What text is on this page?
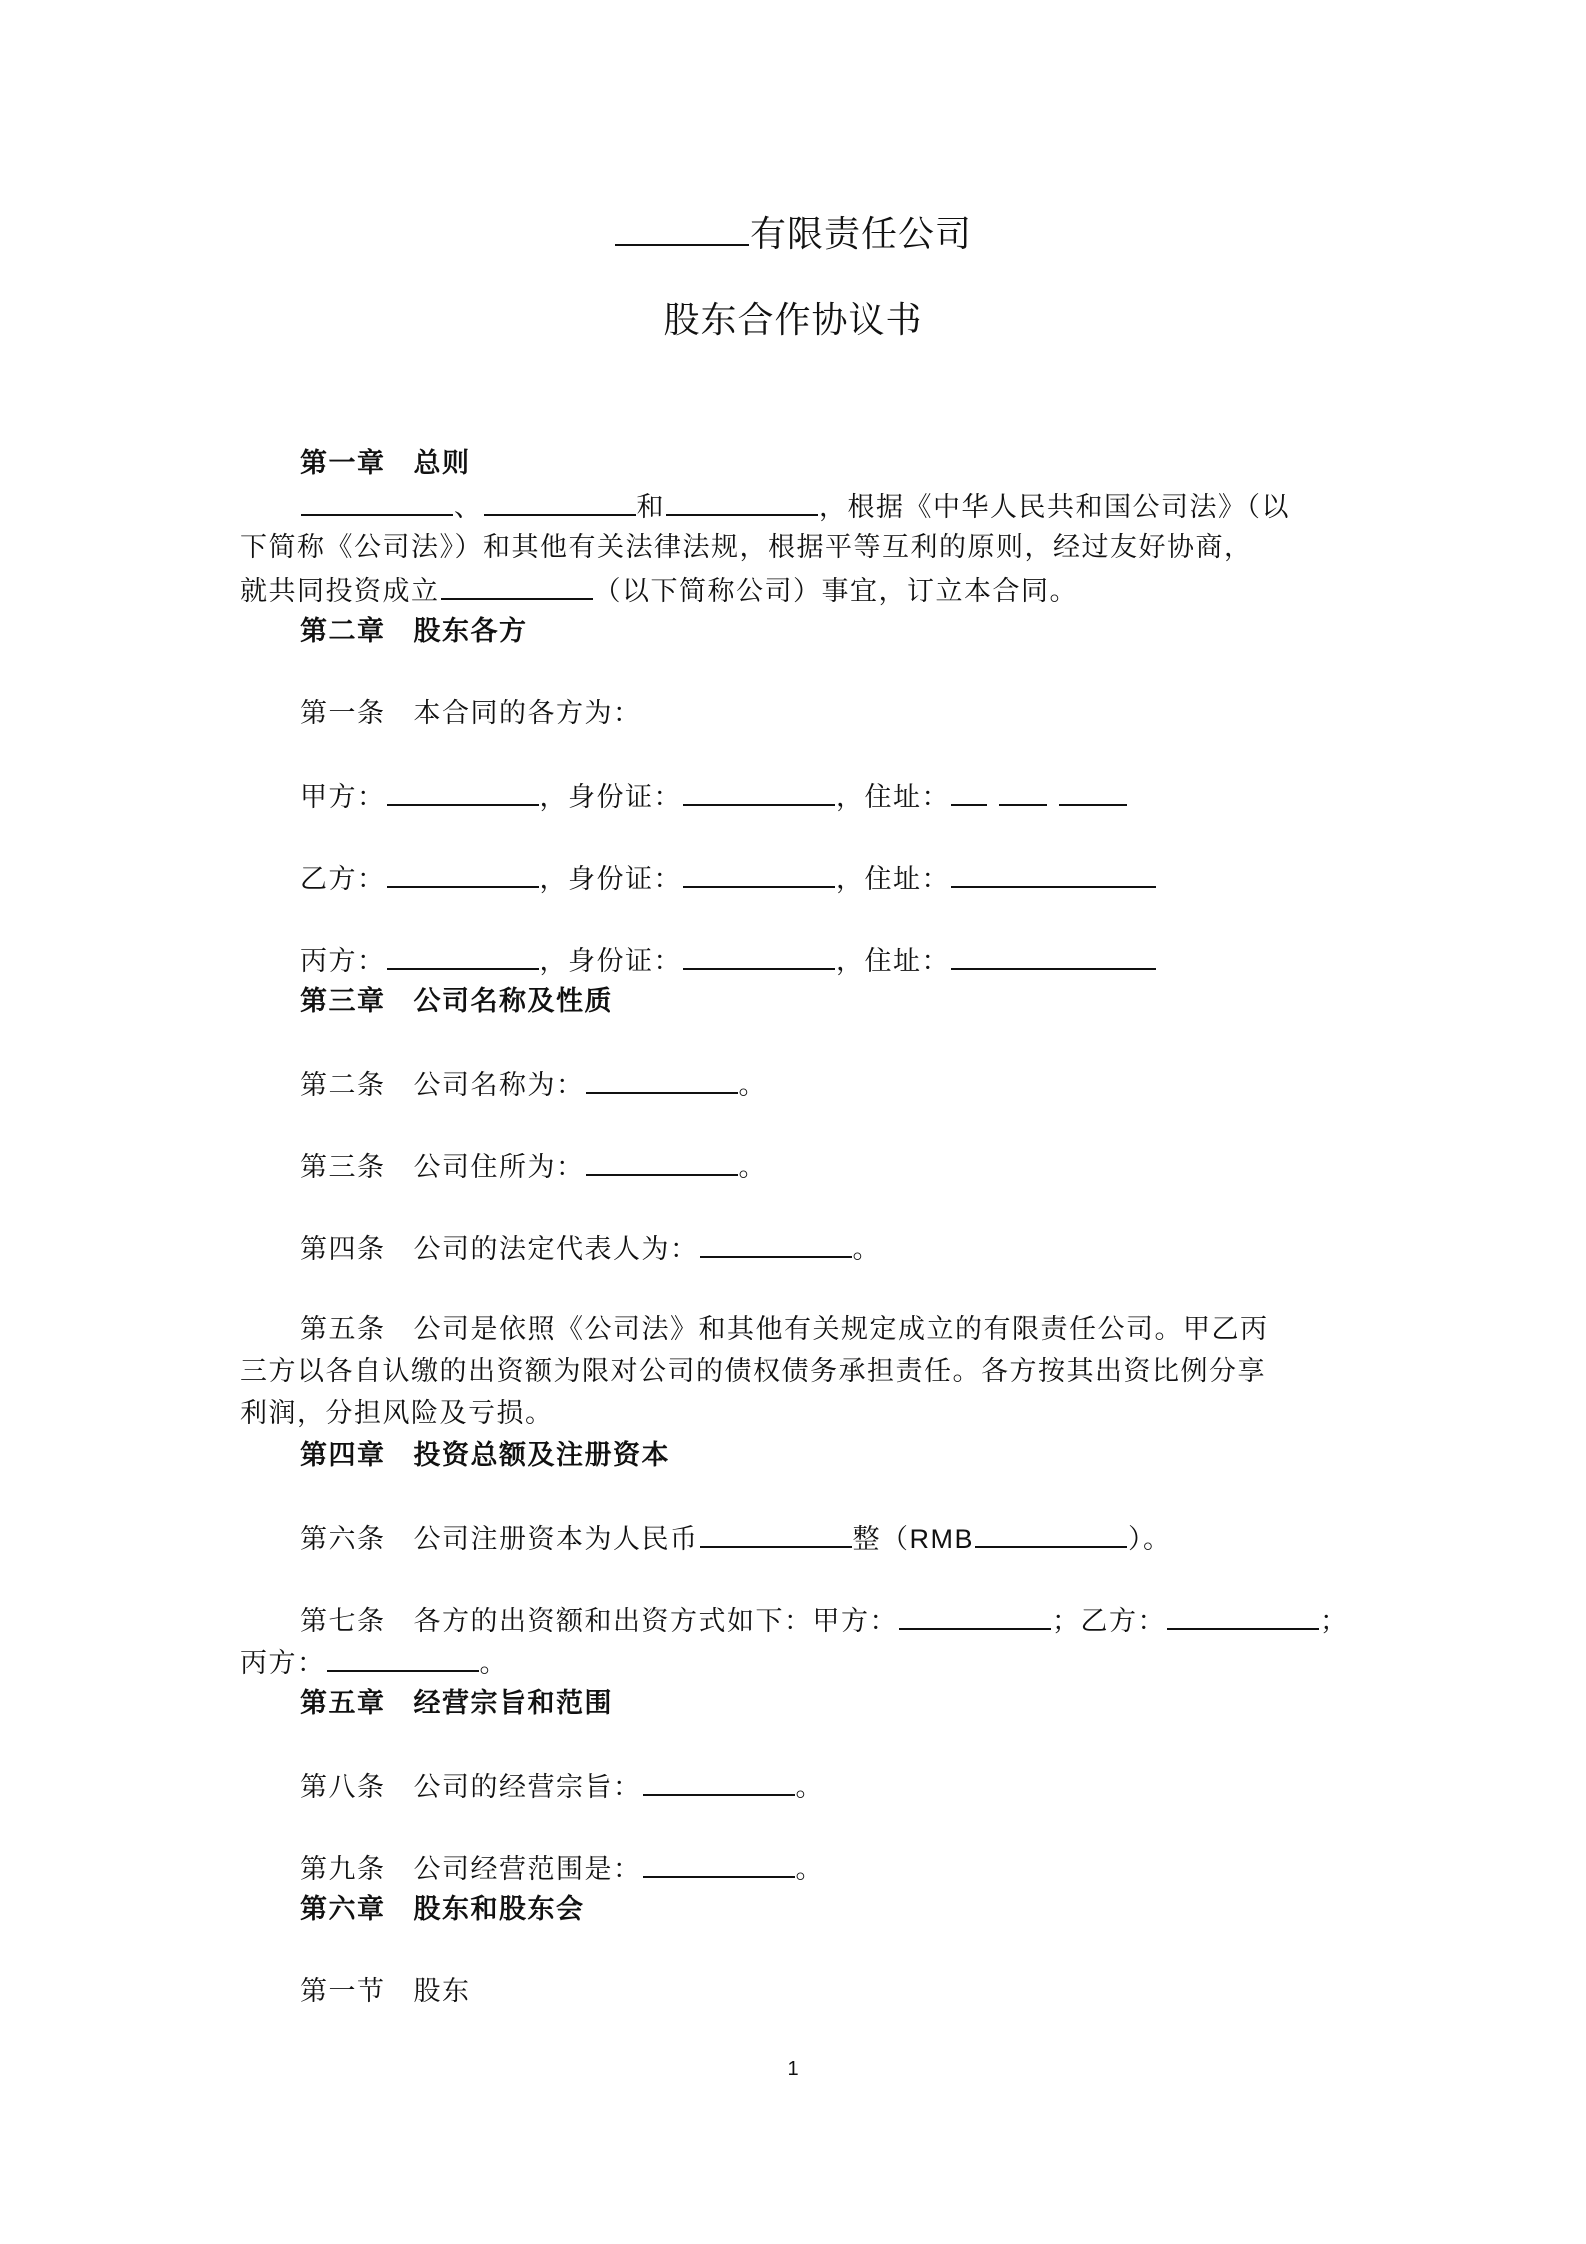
有限责任公司
股东合作协议书
第一章 总则
、	和	，根据《中华人民共和国公司法》（以
下简称《公司法》）和其他有关法律法规，根据平等互利的原则，经过友好协商，
就共同投资成立	（以下简称公司）事宜，订立本合同。
第二章 股东各方
第一条 本合同的各方为：
甲方：	，身份证：	，住址：
乙方：	，身份证：	，住址：
丙方：	，身份证：	，住址：
第三章 公司名称及性质
第二条 公司名称为：	。
第三条 公司住所为：	。
第四条 公司的法定代表人为：	。
第五条 公司是依照《公司法》和其他有关规定成立的有限责任公司。甲乙丙
三方以各自认缴的出资额为限对公司的债权债务承担责任。各方按其出资比例分享
利润，分担风险及亏损。
第四章 投资总额及注册资本
第六条 公司注册资本为人民币	整（RMB	）。
第七条 各方的出资额和出资方式如下：甲方：	；乙方：	；
丙方：	。
第五章 经营宗旨和范围
第八条 公司的经营宗旨：	。
第九条 公司经营范围是：	。
第六章 股东和股东会
第一节 股东
1
